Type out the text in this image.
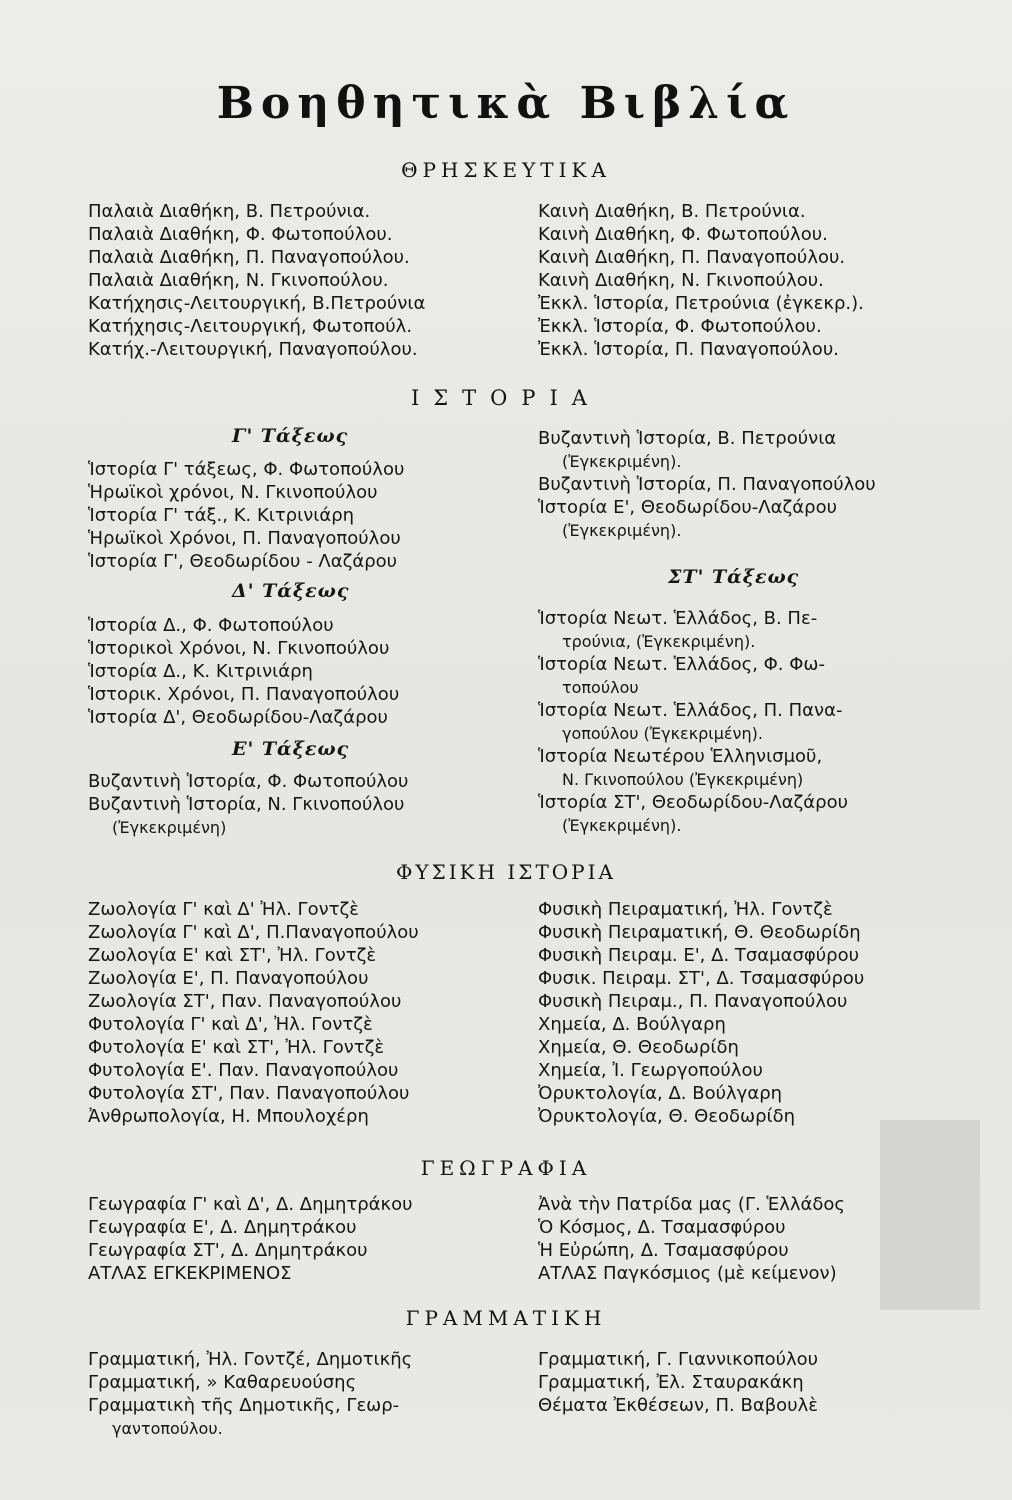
Βοηθητικὰ Βιβλία
ΘΡΗΣΚΕΥΤΙΚΑ
Παλαιὰ Διαθήκη, Β. Πετρούνια.
Παλαιὰ Διαθήκη, Φ. Φωτοπούλου.
Παλαιὰ Διαθήκη, Π. Παναγοπούλου.
Παλαιὰ Διαθήκη, Ν. Γκινοπούλου.
Κατήχησις-Λειτουργική, Β.Πετρούνια
Κατήχησις-Λειτουργική, Φωτοπούλ.
Κατήχ.-Λειτουργική, Παναγοπούλου.
Καινὴ Διαθήκη, Β. Πετρούνια.
Καινὴ Διαθήκη, Φ. Φωτοπούλου.
Καινὴ Διαθήκη, Π. Παναγοπούλου.
Καινὴ Διαθήκη, Ν. Γκινοπούλου.
Ἐκκλ. Ἱστορία, Πετρούνια (ἐγκεκρ.).
Ἐκκλ. Ἱστορία, Φ. Φωτοπούλου.
Ἐκκλ. Ἱστορία, Π. Παναγοπούλου.
ΙΣΤΟΡΙΑ
Γ' Τάξεως
Ἱστορία Γ' τάξεως, Φ. Φωτοπούλου
Ἡρωϊκοὶ χρόνοι, Ν. Γκινοπούλου
Ἱστορία Γ' τάξ., Κ. Κιτρινιάρη
Ἡρωϊκοὶ Χρόνοι, Π. Παναγοπούλου
Ἱστορία Γ', Θεοδωρίδου - Λαζάρου
Δ' Τάξεως
Ἱστορία Δ., Φ. Φωτοπούλου
Ἱστορικοὶ Χρόνοι, Ν. Γκινοπούλου
Ἱστορία Δ., Κ. Κιτρινιάρη
Ἱστορικ. Χρόνοι, Π. Παναγοπούλου
Ἱστορία Δ', Θεοδωρίδου-Λαζάρου
Ε' Τάξεως
Βυζαντινὴ Ἱστορία, Φ. Φωτοπούλου
Βυζαντινὴ Ἱστορία, Ν. Γκινοπούλου
(Ἐγκεκριμένη)
Βυζαντινὴ Ἱστορία, Β. Πετρούνια
(Ἐγκεκριμένη).
Βυζαντινὴ Ἱστορία, Π. Παναγοπούλου
Ἱστορία Ε', Θεοδωρίδου-Λαζάρου
(Ἐγκεκριμένη).
ΣΤ' Τάξεως
Ἱστορία Νεωτ. Ἑλλάδος, Β. Πε-
τρούνια, (Ἐγκεκριμένη).
Ἱστορία Νεωτ. Ἑλλάδος, Φ. Φω-
τοπούλου
Ἱστορία Νεωτ. Ἑλλάδος, Π. Πανα-
γοπούλου (Ἐγκεκριμένη).
Ἱστορία Νεωτέρου Ἑλληνισμοῦ,
Ν. Γκινοπούλου (Ἐγκεκριμένη)
Ἱστορία ΣΤ', Θεοδωρίδου-Λαζάρου
(Ἐγκεκριμένη).
ΦΥΣΙΚΗ ΙΣΤΟΡΙΑ
Ζωολογία Γ' καὶ Δ' Ἠλ. Γοντζὲ
Ζωολογία Γ' καὶ Δ', Π.Παναγοπούλου
Ζωολογία Ε' καὶ ΣΤ', Ἠλ. Γοντζὲ
Ζωολογία Ε', Π. Παναγοπούλου
Ζωολογία ΣΤ', Παν. Παναγοπούλου
Φυτολογία Γ' καὶ Δ', Ἠλ. Γοντζὲ
Φυτολογία Ε' καὶ ΣΤ', Ἠλ. Γοντζὲ
Φυτολογία Ε'. Παν. Παναγοπούλου
Φυτολογία ΣΤ', Παν. Παναγοπούλου
Ἀνθρωπολογία, Η. Μπουλοχέρη
Φυσικὴ Πειραματική, Ἠλ. Γοντζὲ
Φυσικὴ Πειραματική, Θ. Θεοδωρίδη
Φυσικὴ Πειραμ. Ε', Δ. Τσαμασφύρου
Φυσικ. Πειραμ. ΣΤ', Δ. Τσαμασφύρου
Φυσικὴ Πειραμ., Π. Παναγοπούλου
Χημεία, Δ. Βούλγαρη
Χημεία, Θ. Θεοδωρίδη
Χημεία, Ἰ. Γεωργοπούλου
Ὀρυκτολογία, Δ. Βούλγαρη
Ὀρυκτολογία, Θ. Θεοδωρίδη
ΓΕΩΓΡΑΦΙΑ
Γεωγραφία Γ' καὶ Δ', Δ. Δημητράκου
Γεωγραφία Ε', Δ. Δημητράκου
Γεωγραφία ΣΤ', Δ. Δημητράκου
ΑΤΛΑΣ ΕΓΚΕΚΡΙΜΕΝΟΣ
Ἀνὰ τὴν Πατρίδα μας (Γ. Ἑλλάδος
Ὁ Κόσμος, Δ. Τσαμασφύρου
Ἡ Εὐρώπη, Δ. Τσαμασφύρου
ΑΤΛΑΣ Παγκόσμιος (μὲ κείμενον)
ΓΡΑΜΜΑΤΙΚΗ
Γραμματική, Ἠλ. Γοντζέ, Δημοτικῆς
Γραμματική, » Καθαρευούσης
Γραμματικὴ τῆς Δημοτικῆς, Γεωρ-
γαντοπούλου.
Γραμματική, Γ. Γιαννικοπούλου
Γραμματική, Ἐλ. Σταυρακάκη
Θέματα Ἐκθέσεων, Π. Βαβουλὲ
